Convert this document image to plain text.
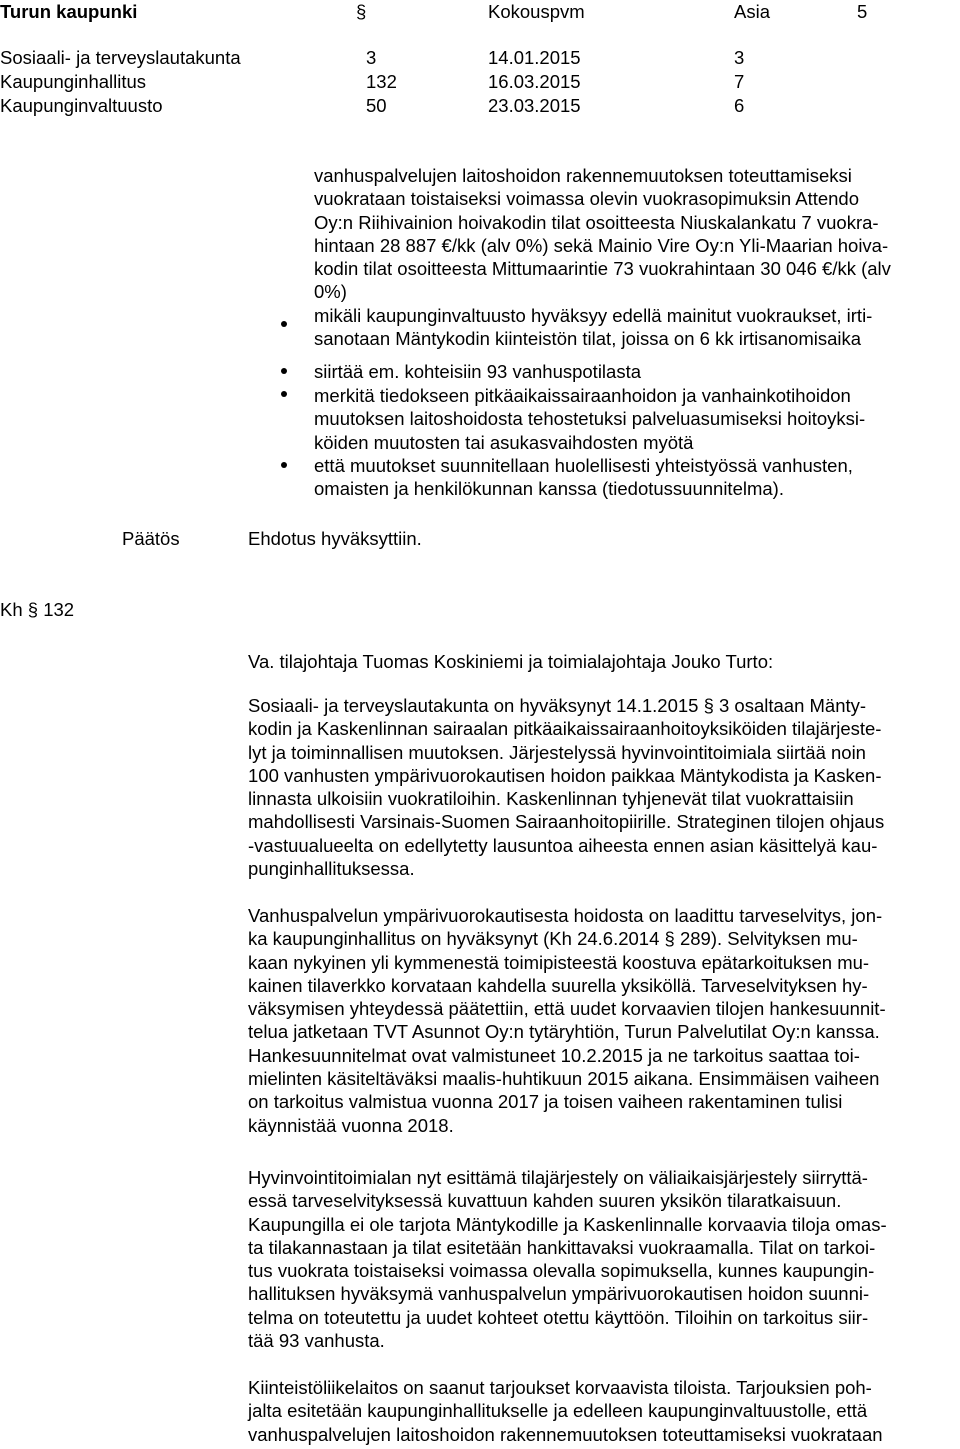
Turun kaupunki	§	Kokouspvm	Asia	5
Sosiaali- ja terveyslautakunta	3	14.01.2015	3
Kaupunginhallitus	132	16.03.2015	7
Kaupunginvaltuusto	50	23.03.2015	6
vanhuspalvelujen laitoshoidon rakennemuutoksen toteuttamiseksi
vuokrataan toistaiseksi voimassa olevin vuokrasopimuksin Attendo
Oy:n Riihivainion hoivakodin tilat osoitteesta Niuskalankatu 7 vuokra-
hintaan 28 887 €/kk (alv 0%) sekä Mainio Vire Oy:n Yli-Maarian hoiva-
kodin tilat osoitteesta Mittumaarintie 73 vuokrahintaan 30 046 €/kk (alv
0%)
mikäli kaupunginvaltuusto hyväksyy edellä mainitut vuokraukset, irti-
sanotaan Mäntykodin kiinteistön tilat, joissa on 6 kk irtisanomisaika
siirtää em. kohteisiin 93 vanhuspotilasta
merkitä tiedokseen pitkäaikaissairaanhoidon ja vanhainkotihoidon
muutoksen laitoshoidosta tehostetuksi palveluasumiseksi hoitoyksi-
köiden muutosten tai asukasvaihdosten myötä
että muutokset suunnitellaan huolellisesti yhteistyössä vanhusten,
omaisten ja henkilökunnan kanssa (tiedotussuunnitelma).
Päätös	Ehdotus hyväksyttiin.
Kh § 132
Va. tilajohtaja Tuomas Koskiniemi ja toimialajohtaja Jouko Turto:
Sosiaali- ja terveyslautakunta on hyväksynyt 14.1.2015 § 3 osaltaan Mänty-
kodin ja Kaskenlinnan sairaalan pitkäaikaissairaanhoitoyksiköiden tilajärjeste-
lyt ja toiminnallisen muutoksen. Järjestelyssä hyvinvointitoimiala siirtää noin
100 vanhusten ympärivuorokautisen hoidon paikkaa Mäntykodista ja Kasken-
linnasta ulkoisiin vuokratiloihin. Kaskenlinnan tyhjenevät tilat vuokrattaisiin
mahdollisesti Varsinais-Suomen Sairaanhoitopiirille. Strateginen tilojen ohjaus
-vastuualueelta on edellytetty lausuntoa aiheesta ennen asian käsittelyä kau-
punginhallituksessa.
Vanhuspalvelun ympärivuorokautisesta hoidosta on laadittu tarveselvitys, jon-
ka kaupunginhallitus on hyväksynyt (Kh 24.6.2014 § 289). Selvityksen mu-
kaan nykyinen yli kymmenestä toimipisteestä koostuva epätarkoituksen mu-
kainen tilaverkko korvataan kahdella suurella yksiköllä. Tarveselvityksen hy-
väksymisen yhteydessä päätettiin, että uudet korvaavien tilojen hankesuunnit-
telua jatketaan TVT Asunnot Oy:n tytäryhtiön, Turun Palvelutilat Oy:n kanssa.
Hankesuunnitelmat ovat valmistuneet 10.2.2015 ja ne tarkoitus saattaa toi-
mielinten käsiteltäväksi maalis-huhtikuun 2015 aikana. Ensimmäisen vaiheen
on tarkoitus valmistua vuonna 2017 ja toisen vaiheen rakentaminen tulisi
käynnistää vuonna 2018.
Hyvinvointitoimialan nyt esittämä tilajärjestely on väliaikaisjärjestely siirryttä-
essä tarveselvityksessä kuvattuun kahden suuren yksikön tilaratkaisuun.
Kaupungilla ei ole tarjota Mäntykodille ja Kaskenlinnalle korvaavia tiloja omas-
ta tilakannastaan ja tilat esitetään hankittavaksi vuokraamalla. Tilat on tarkoi-
tus vuokrata toistaiseksi voimassa olevalla sopimuksella, kunnes kaupungin-
hallituksen hyväksymä vanhuspalvelun ympärivuorokautisen hoidon suunni-
telma on toteutettu ja uudet kohteet otettu käyttöön. Tiloihin on tarkoitus siir-
tää 93 vanhusta.
Kiinteistöliikelaitos on saanut tarjoukset korvaavista tiloista. Tarjouksien poh-
jalta esitetään kaupunginhallitukselle ja edelleen kaupunginvaltuustolle, että
vanhuspalvelujen laitoshoidon rakennemuutoksen toteuttamiseksi vuokrataan
